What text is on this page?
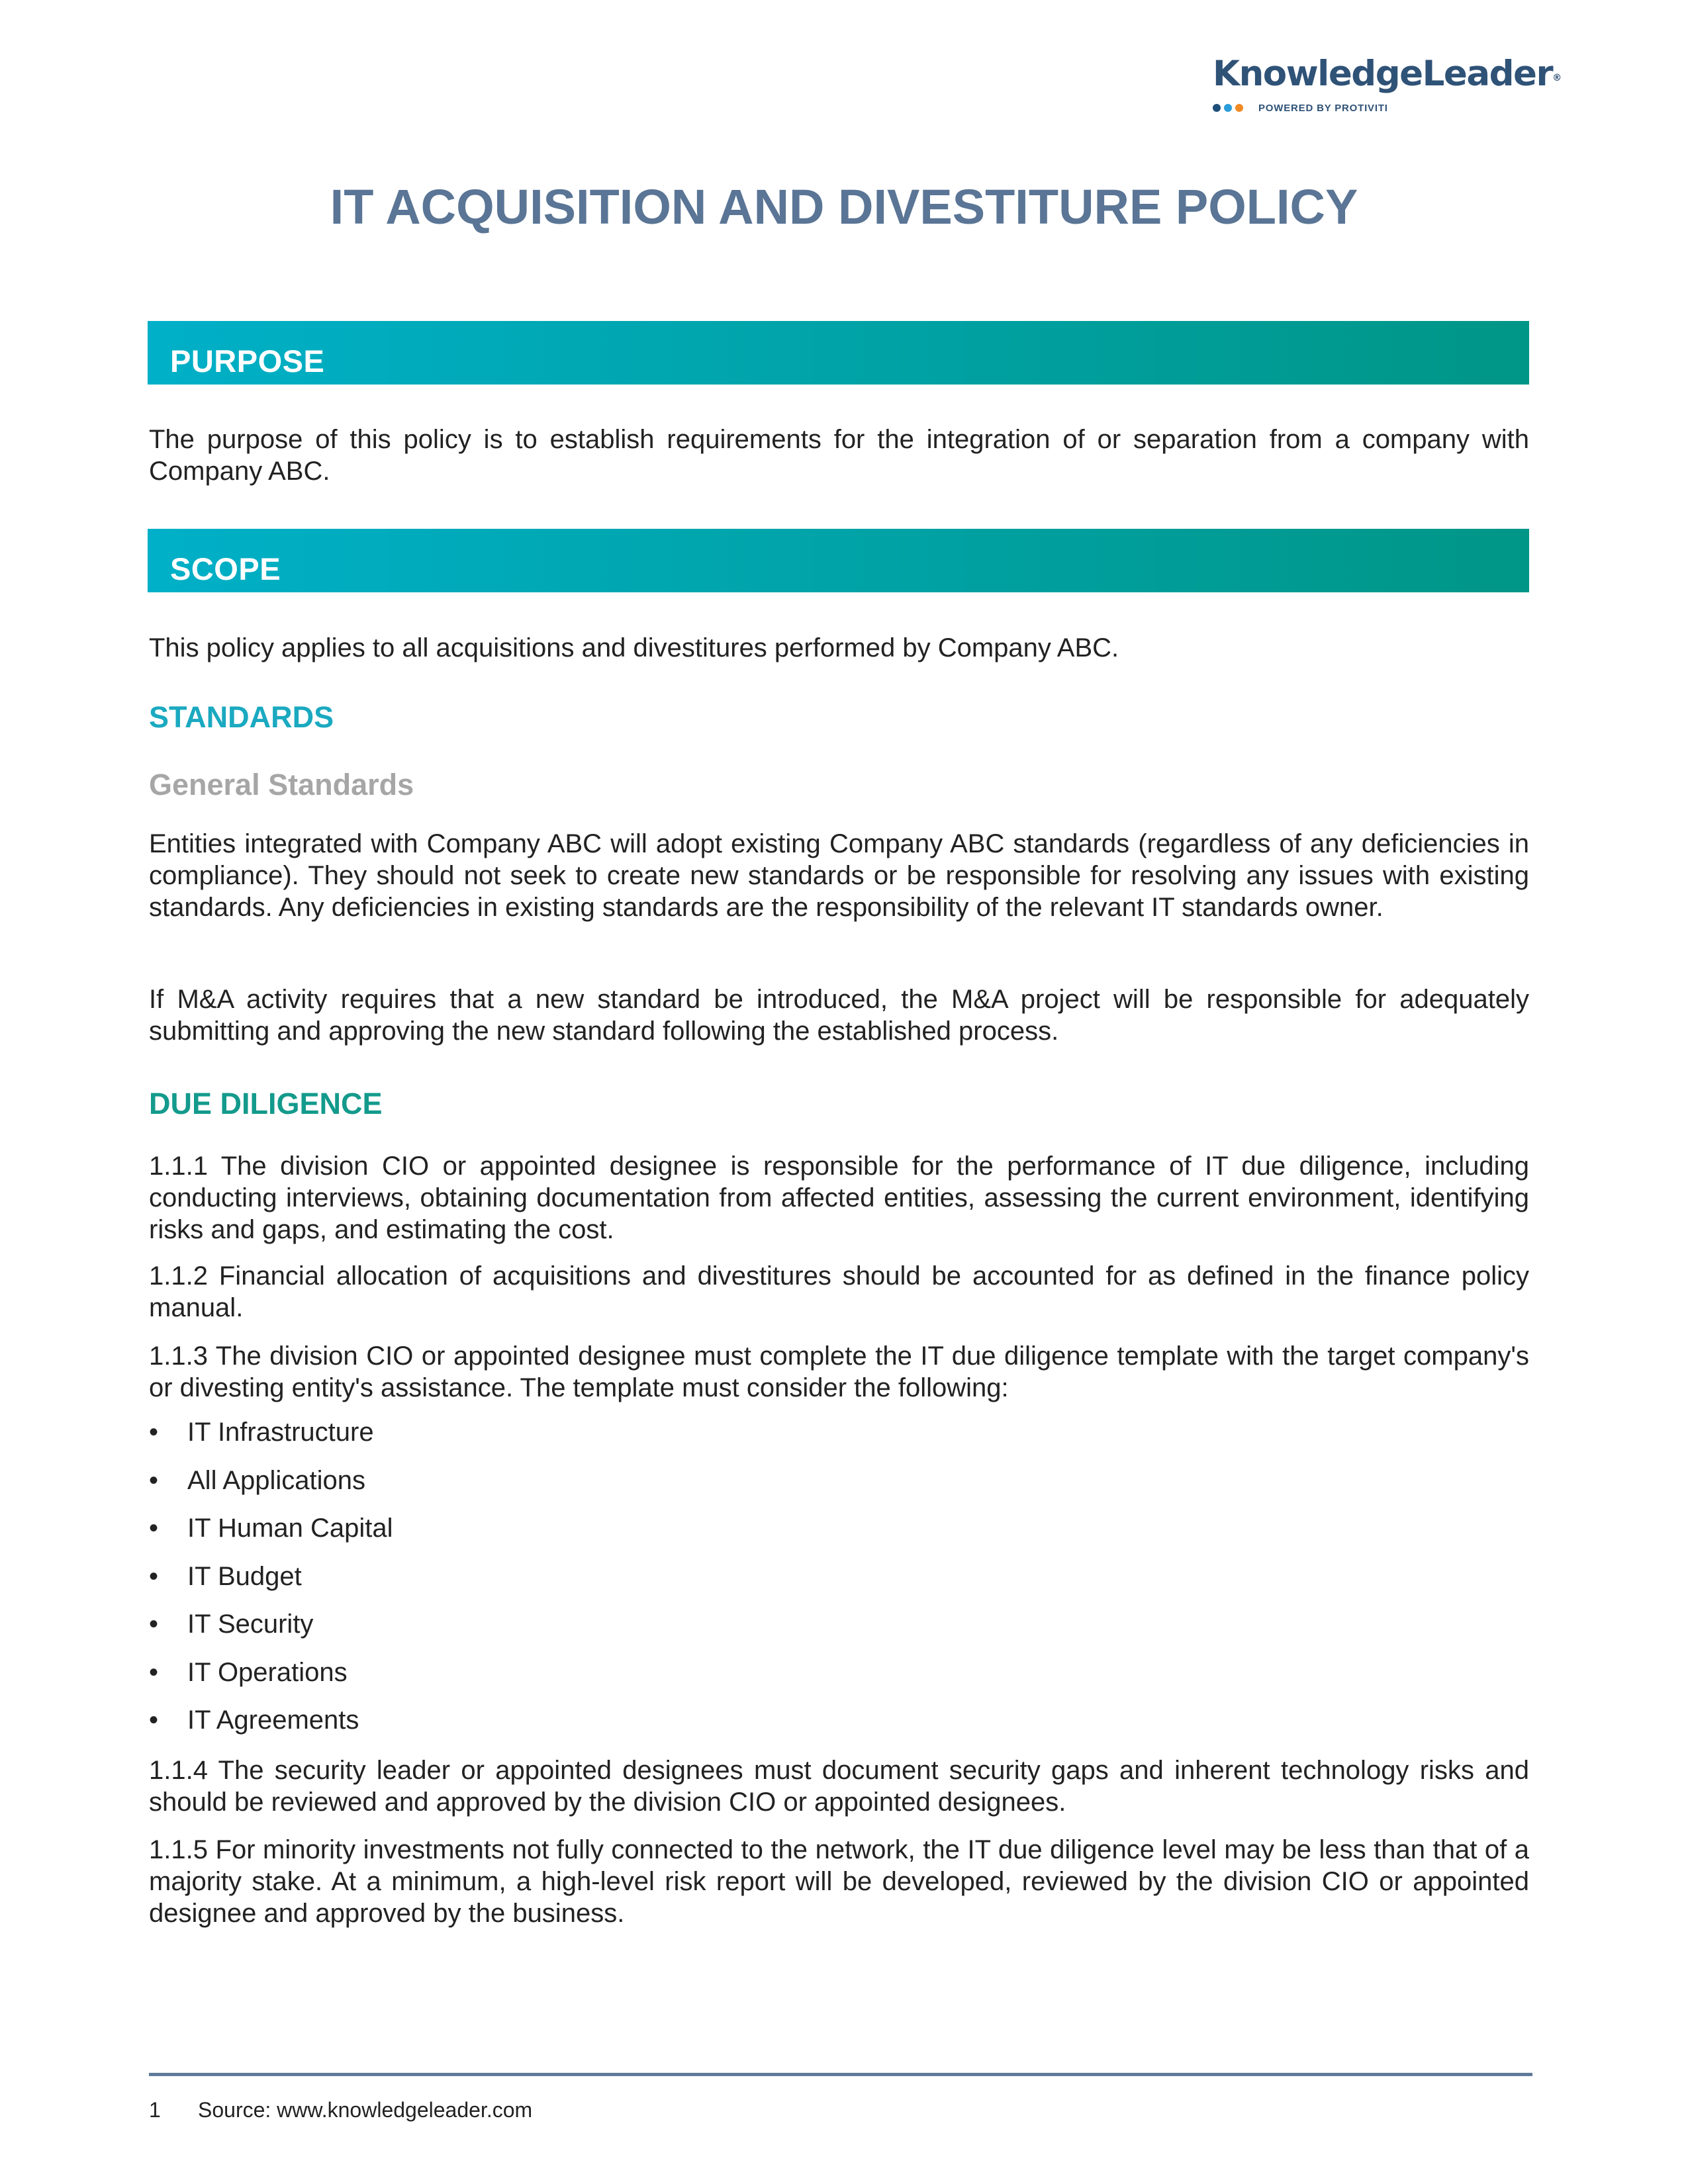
KnowledgeLeader®
POWERED BY PROTIVITI
IT ACQUISITION AND DIVESTITURE POLICY
PURPOSE

The purpose of this policy is to establish requirements for the integration of or separation from a company with Company ABC.

SCOPE

This policy applies to all acquisitions and divestitures performed by Company ABC.

STANDARDS
General Standards

Entities integrated with Company ABC will adopt existing Company ABC standards (regardless of any deficiencies in compliance). They should not seek to create new standards or be responsible for resolving any issues with existing standards. Any deficiencies in existing standards are the responsibility of the relevant IT standards owner.

If M&A activity requires that a new standard be introduced, the M&A project will be responsible for adequately submitting and approving the new standard following the established process.

DUE DILIGENCE

1.1.1 The division CIO or appointed designee is responsible for the performance of IT due diligence, including conducting interviews, obtaining documentation from affected entities, assessing the current environment, identifying risks and gaps, and estimating the cost.

1.1.2 Financial allocation of acquisitions and divestitures should be accounted for as defined in the finance policy manual.

1.1.3 The division CIO or appointed designee must complete the IT due diligence template with the target company's or divesting entity's assistance. The template must consider the following:

•	IT Infrastructure
•	All Applications
•	IT Human Capital
•	IT Budget
•	IT Security
•	IT Operations
•	IT Agreements

1.1.4 The security leader or appointed designees must document security gaps and inherent technology risks and should be reviewed and approved by the division CIO or appointed designees.

1.1.5 For minority investments not fully connected to the network, the IT due diligence level may be less than that of a majority stake. At a minimum, a high-level risk report will be developed, reviewed by the division CIO or appointed designee and approved by the business.

1 Source: www.knowledgeleader.com
